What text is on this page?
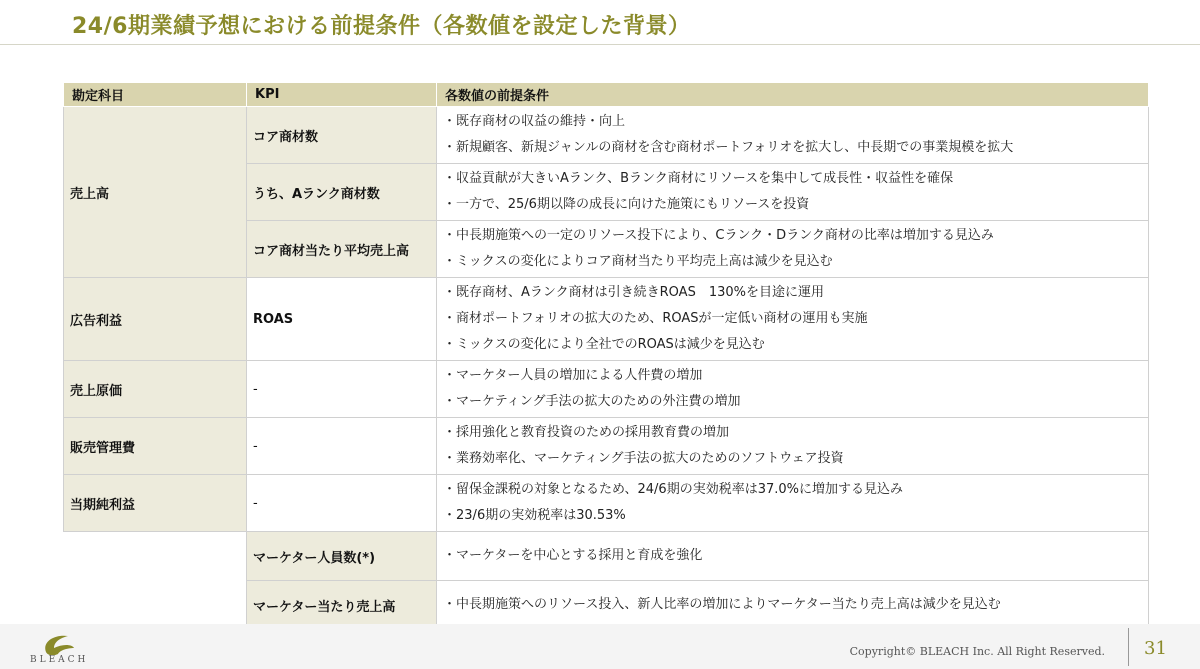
24/6期業績予想における前提条件（各数値を設定した背景）
勘定科目	KPI	各数値の前提条件
売上高	コア商材数	・ 既存商材の収益の維持・向上
・ 新規顧客、新規ジャンルの商材を含む商材ポートフォリオを拡大し、中長期での事業規模を拡大

	うち、Aランク商材数	・ 収益貢献が大きいAランク、Bランク商材にリソースを集中して成長性・収益性を確保
・ 一方で、25/6期以降の成長に向けた施策にもリソースを投資

	コア商材当たり平均売上高	・ 中長期施策への一定のリソース投下により、Cランク・Dランク商材の比率は増加する見込み
・ ミックスの変化によりコア商材当たり平均売上高は減少を見込む

広告利益	ROAS	・ 既存商材、Aランク商材は引き続きROAS　130%を目途に運用
・ 商材ポートフォリオの拡大のため、ROASが一定低い商材の運用も実施
・ ミックスの変化により全社でのROASは減少を見込む

売上原価	-	・ マーケター人員の増加による人件費の増加
・ マーケティング手法の拡大のための外注費の増加

販売管理費	-	・ 採用強化と教育投資のための採用教育費の増加
・ 業務効率化、マーケティング手法の拡大のためのソフトウェア投資

当期純利益	-	・ 留保金課税の対象となるため、24/6期の実効税率は37.0%に増加する見込み
・ 23/6期の実効税率は30.53%

	マーケター人員数(*)	・ マーケターを中心とする採用と育成を強化

	マーケター当たり売上高	・ 中長期施策へのリソース投入、新人比率の増加によりマーケター当たり売上高は減少を見込む
BLEACH
Copyright© BLEACH Inc. All Right Reserved. 31
